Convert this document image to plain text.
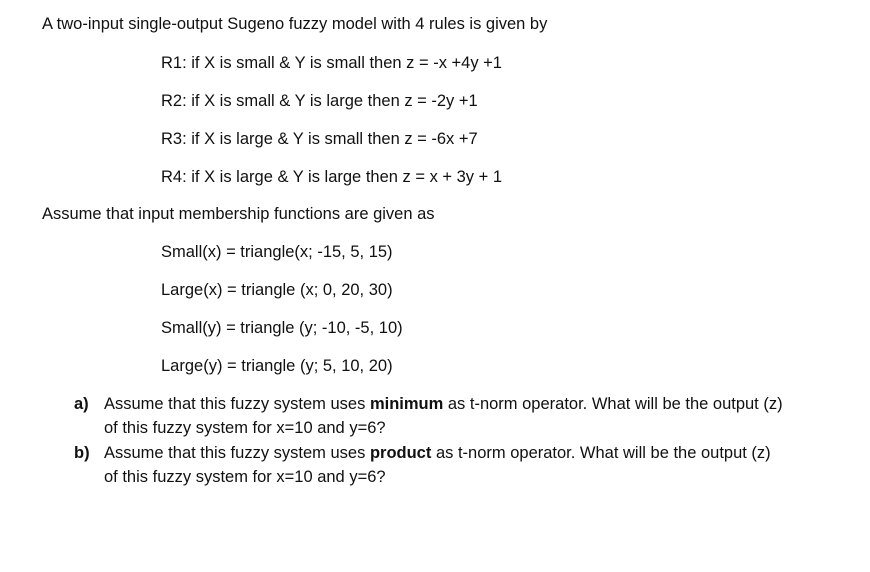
A two-input single-output Sugeno fuzzy model with 4 rules is given by
R1: if X is small & Y is small then z = -x +4y +1
R2: if X is small & Y is large then z = -2y +1
R3: if X is large & Y is small then z = -6x +7
R4: if X is large & Y is large then z = x + 3y + 1
Assume that input membership functions are given as
Small(x) = triangle(x; -15, 5, 15)
Large(x) = triangle (x; 0, 20, 30)
Small(y) = triangle (y; -10, -5, 10)
Large(y) = triangle (y; 5, 10, 20)
a) Assume that this fuzzy system uses minimum as t-norm operator. What will be the output (z)
of this fuzzy system for x=10 and y=6?
b) Assume that this fuzzy system uses product as t-norm operator. What will be the output (z)
of this fuzzy system for x=10 and y=6?
